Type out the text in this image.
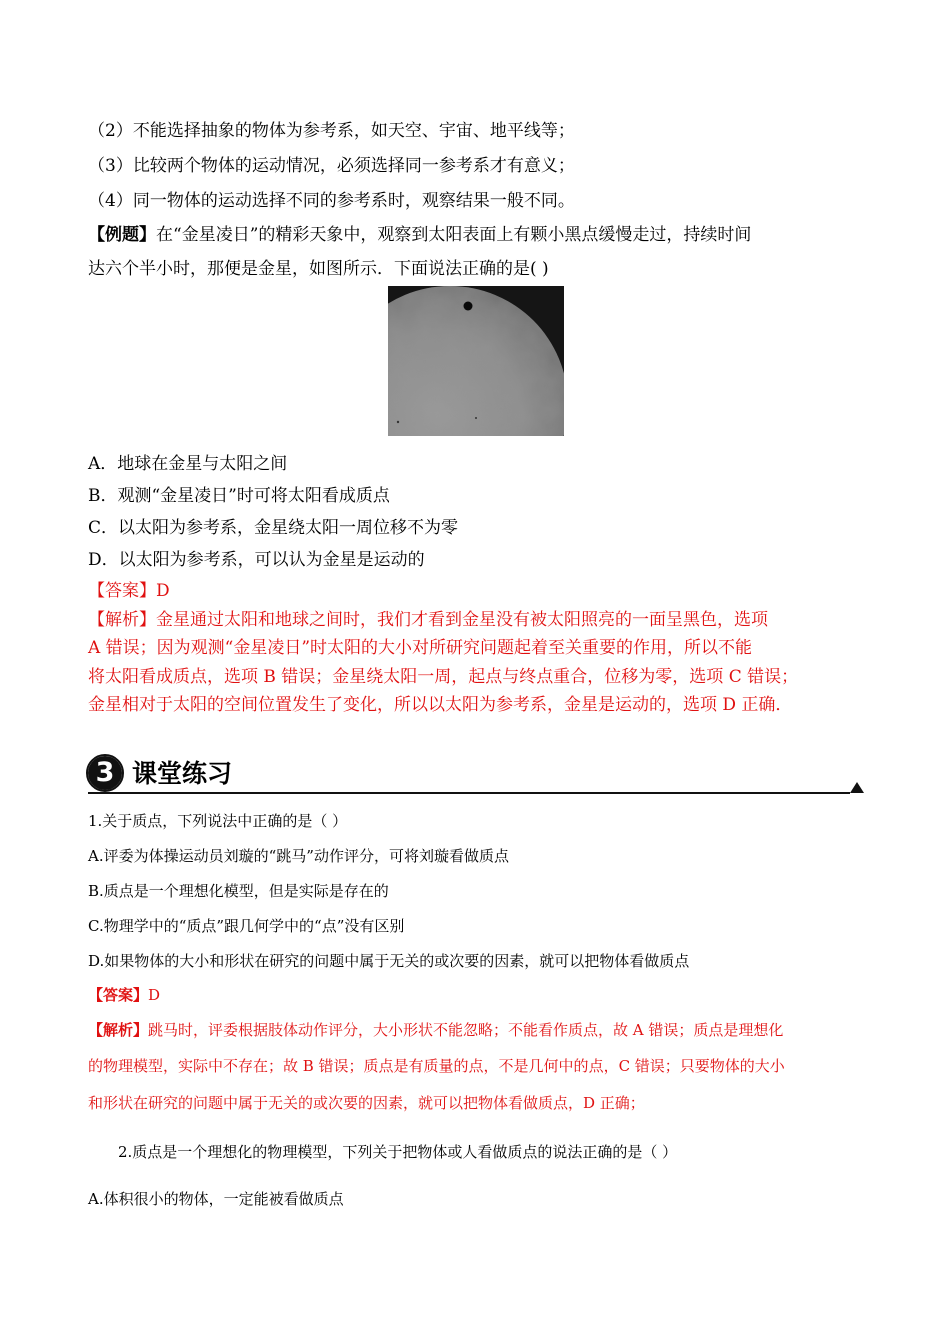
（2）不能选择抽象的物体为参考系，如天空、宇宙、地平线等；
（3）比较两个物体的运动情况，必须选择同一参考系才有意义；
（4）同一物体的运动选择不同的参考系时，观察结果一般不同。
【例题】在“金星凌日”的精彩天象中，观察到太阳表面上有颗小黑点缓慢走过，持续时间
达六个半小时，那便是金星，如图所示．下面说法正确的是( )
A．地球在金星与太阳之间
B．观测“金星凌日”时可将太阳看成质点
C．以太阳为参考系，金星绕太阳一周位移不为零
D．以太阳为参考系，可以认为金星是运动的
【答案】D
【解析】金星通过太阳和地球之间时，我们才看到金星没有被太阳照亮的一面呈黑色，选项
A 错误；因为观测“金星凌日”时太阳的大小对所研究问题起着至关重要的作用，所以不能
将太阳看成质点，选项 B 错误；金星绕太阳一周，起点与终点重合，位移为零，选项 C 错误；
金星相对于太阳的空间位置发生了变化，所以以太阳为参考系，金星是运动的，选项 D 正确．
3 课堂练习
1.关于质点，下列说法中正确的是（ ）
A.评委为体操运动员刘璇的“跳马”动作评分，可将刘璇看做质点
B.质点是一个理想化模型，但是实际是存在的
C.物理学中的“质点”跟几何学中的“点”没有区别
D.如果物体的大小和形状在研究的问题中属于无关的或次要的因素，就可以把物体看做质点
【答案】D
【解析】跳马时，评委根据肢体动作评分，大小形状不能忽略；不能看作质点，故 A 错误；质点是理想化
的物理模型，实际中不存在；故 B 错误；质点是有质量的点，不是几何中的点，C 错误；只要物体的大小
和形状在研究的问题中属于无关的或次要的因素，就可以把物体看做质点，D 正确；
2.质点是一个理想化的物理模型，下列关于把物体或人看做质点的说法正确的是（ ）
A.体积很小的物体，一定能被看做质点
